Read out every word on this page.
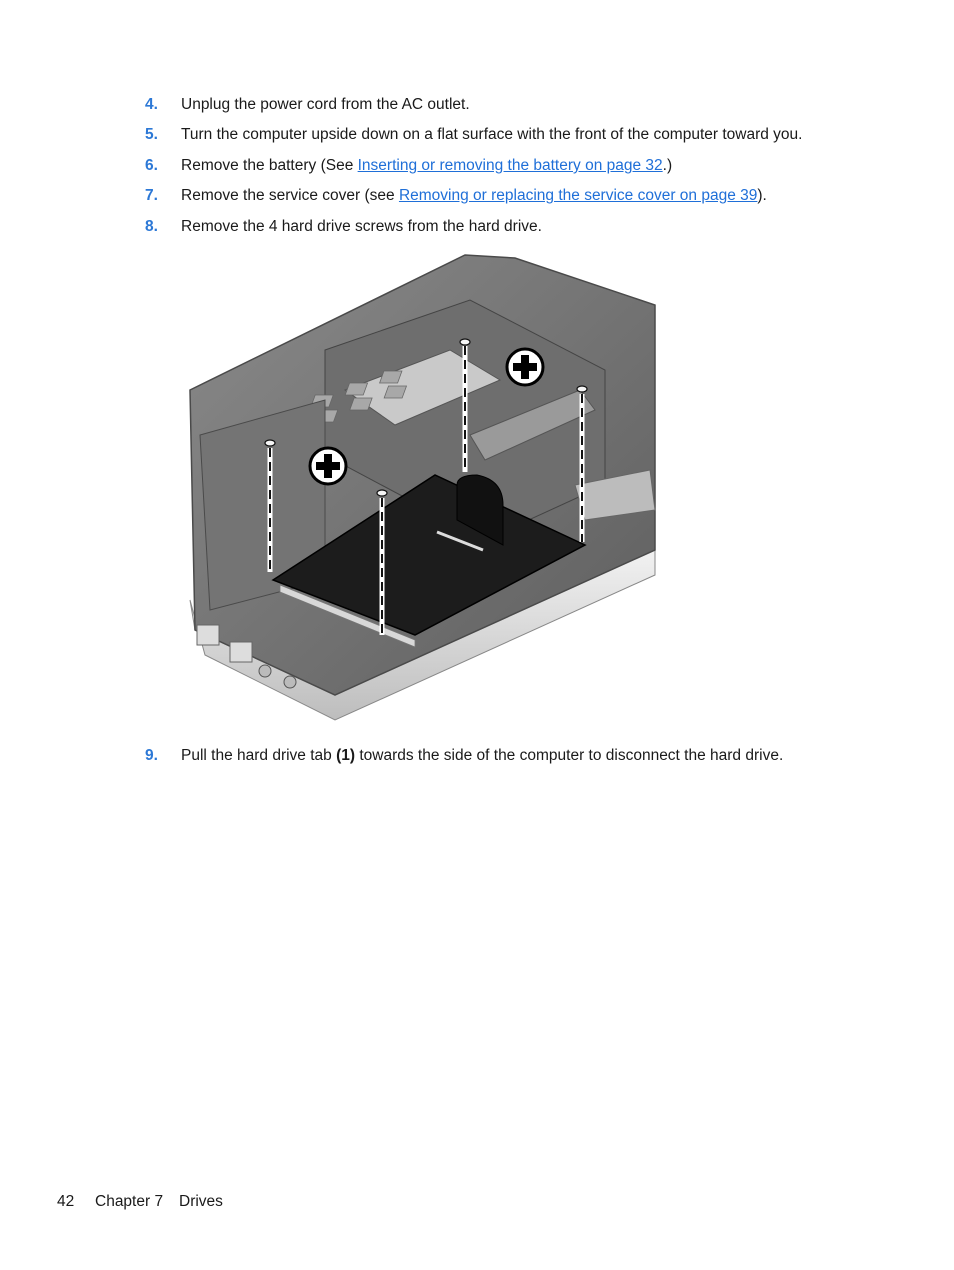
4. Unplug the power cord from the AC outlet.
5. Turn the computer upside down on a flat surface with the front of the computer toward you.
6. Remove the battery (See Inserting or removing the battery on page 32.)
7. Remove the service cover (see Removing or replacing the service cover on page 39).
8. Remove the 4 hard drive screws from the hard drive.
9. Pull the hard drive tab (1) towards the side of the computer to disconnect the hard drive.
42 Chapter 7 Drives
